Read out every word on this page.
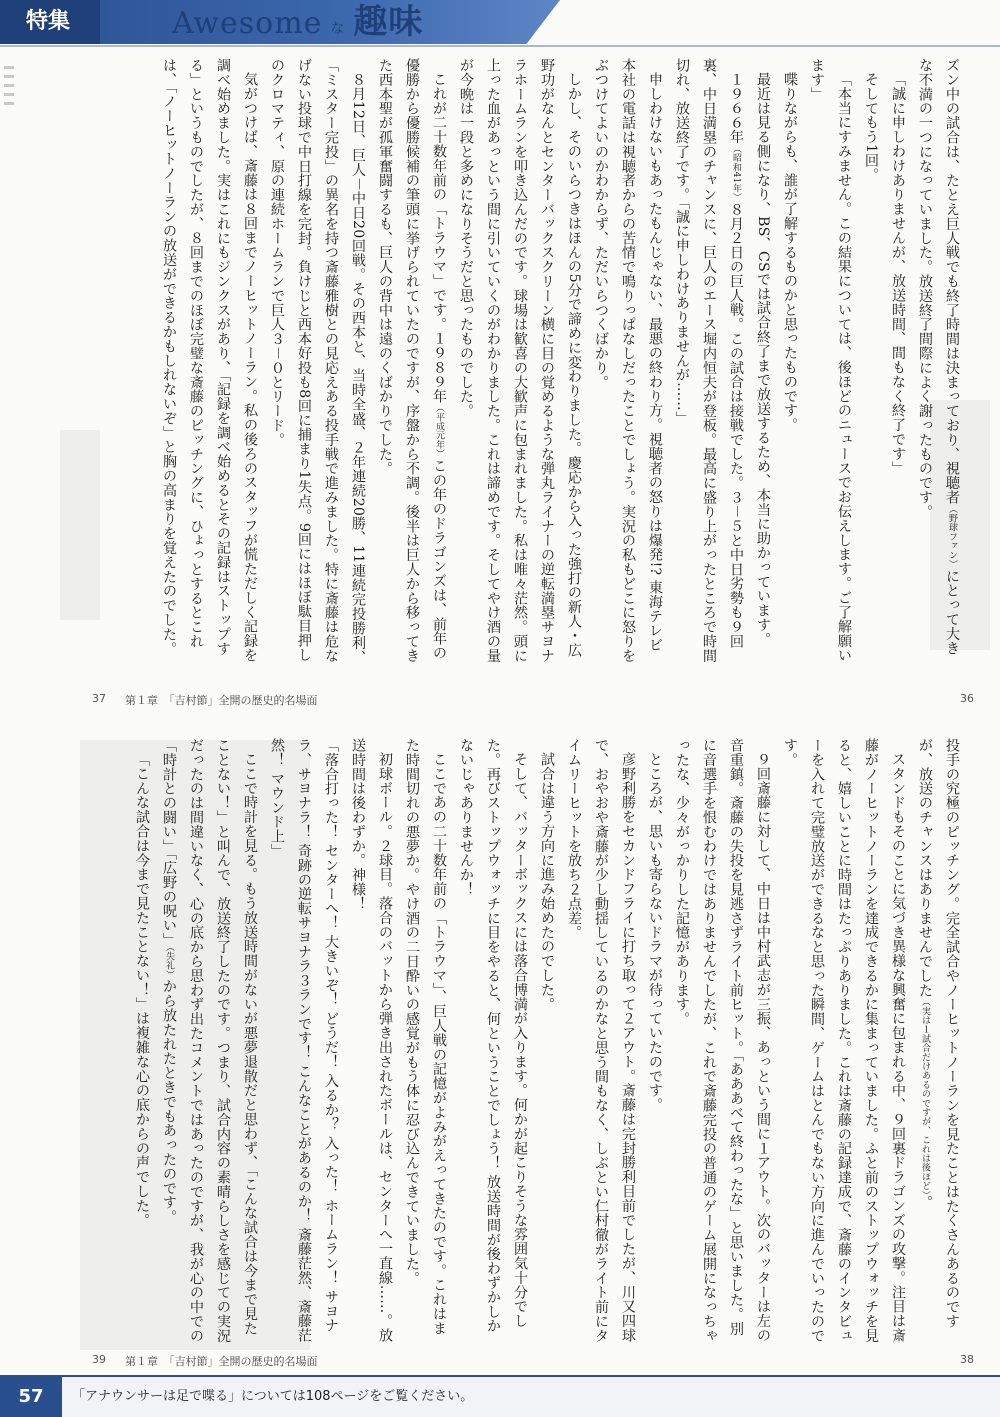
特集	Awesome な 趣味

ズン中の試合は、たとえ巨人戦でも終了時間は決まっており、視聴者（野球ファン）にとって大きな不満の一つになっていました。放送終了間際によく謝ったものです。

「誠に申しわけありませんが、放送時間、間もなく終了です」

そしてもう1回。

「本当にすみません。この結果については、後ほどのニュースでお伝えします。ご了解願います」

喋りながらも、誰が了解するものかと思ったものです。

最近は見る側になり、BS、CSでは試合終了まで放送するため、本当に助かっています。

１９６６年（昭和41年）８月２日の巨人戦。この試合は接戦でした。３－５と中日劣勢も９回裏、中日満塁のチャンスに、巨人のエース堀内恒夫が登板。最高に盛り上がったところで時間切れ、放送終了です。「誠に申しわけありませんが……」

申しわけないもあったもんじゃない、最悪の終わり方。視聴者の怒りは爆発!? 東海テレビ本社の電話は視聴者からの苦情で鳴りっぱなしだったことでしょう。実況の私もどこに怒りをぶつけてよいのかわからず、ただいらつくばかり。

しかし、そのいらつきはほんの5分で諦めに変わりました。慶応から入った強打の新人・広野功がなんとセンターバックスクリーン横に目の覚めるような弾丸ライナーの逆転満塁サヨナラホームランを叩き込んだのです。球場は歓喜の大歓声に包まれました。私は唯々茫然。頭に上った血があっという間に引いていくのがわかりました。これは諦めです。そしてやけ酒の量が今晩は一段と多めになりそうだと思ったものでした。

これが二十数年前の「トラウマ」です。１９８９年（平成元年）この年のドラゴンズは、前年の優勝から優勝候補の筆頭に挙げられていたのですが、序盤から不調。後半は巨人から移ってきた西本聖が孤軍奮闘するも、巨人の背中は遠のくばかりでした。

８月12日、巨人－中日20回戦。その西本と、当時全盛、２年連続20勝、11連続完投勝利、「ミスター完投」の異名を持つ斎藤雅樹との見応えある投手戦で進みました。特に斎藤は危なげない投球で中日打線を完封。負けじと西本好投も8回に捕まり1失点。9回にはほぼ駄目押しのクロマティ、原の連続ホームランで巨人３－０とリード。

気がつけば、斎藤は８回までノーヒットノーラン。私の後ろのスタッフが慌ただしく記録を調べ始めました。実はこれにもジンクスがあり、「記録を調べ始めるとその記録はストップする」というものでしたが、８回までのほぼ完璧な斎藤のピッチングに、ひょっとするとこれは、「ノーヒットノーランの放送ができるかもしれないぞ」と胸の高まりを覚えたのでした。

37 第１章　「吉村節」全開の歴史的名場面	36

投手の究極のピッチング。完全試合やノーヒットノーランを見たことはたくさんあるのですが、放送のチャンスはありませんでした（実は１試合だけあるのですが、これは後ほど）。

スタンドもそのことに気づき異様な興奮に包まれる中、９回裏ドラゴンズの攻撃。注目は斎藤がノーヒットノーランを達成できるかに集まっていました。ふと前のストップウォッチを見ると、嬉しいことに時間はたっぷりありました。これは斎藤の記録達成で、斎藤のインタビューを入れて完璧放送ができるなと思った瞬間、ゲームはとんでもない方向に進んでいったのです。

９回斎藤に対して、中日は中村武志が三振、あっという間に１アウト。次のバッターは左の音重鎮。斎藤の失投を見逃さずライト前ヒット。「あああべて終わったな」と思いました。別に音選手を恨むわけではありませんでしたが、これで斎藤完投の普通のゲーム展開になっちゃったな、少々がっかりした記憶があります。

ところが、思いも寄らないドラマが待っていたのです。

彦野利勝をセカンドフライに打ち取って２アウト。斎藤は完封勝利目前でしたが、川又四球で、おやおや斎藤が少し動揺しているのかなと思う間もなく、しぶとい仁村徹がライト前にタイムリーヒットを放ち２点差。

試合は違う方向に進み始めたのでした。

そして、バッターボックスには落合博満が入ります。何かが起こりそうな雰囲気十分でした。再びストップウォッチに目をやると、何ということでしょう！ 放送時間が後わずかしかないじゃありませんか！

ここであの二十数年前の「トラウマ」、巨人戦の記憶がよみがえってきたのです。これはまた時間切れの悪夢か。やけ酒の二日酔いの感覚がもう体に忍び込んできていました。

初球ボール。２球目。落合のバットから弾き出されたボールは、センターへ一直線……。放送時間は後わずか。神様！

「落合打った！ センターへ！ 大きいぞ！ どうだ！ 入るか？ 入った！ ホームラン！ サヨナラ、サヨナラ！ 奇跡の逆転サヨナラ３ランです！ こんなことがあるのか！ 斎藤茫然、斎藤茫然！ マウンド上」

ここで時計を見る。もう放送時間がないが悪夢退散だと思わず、「こんな試合は今まで見たことない！」と叫んで、放送終了したのです。つまり、試合内容の素晴らしさを感じての実況だったのは間違いなく、心の底から思わず出たコメントではあったのですが、我が心の中での「時計との闘い」「広野の呪い」（失礼）から放たれたときでもあったのです。

「こんな試合は今まで見たことない！」は複雑な心の底からの声でした。

39 第１章　「吉村節」全開の歴史的名場面	38
57	「アナウンサーは足で喋る」については108ページをご覧ください。
